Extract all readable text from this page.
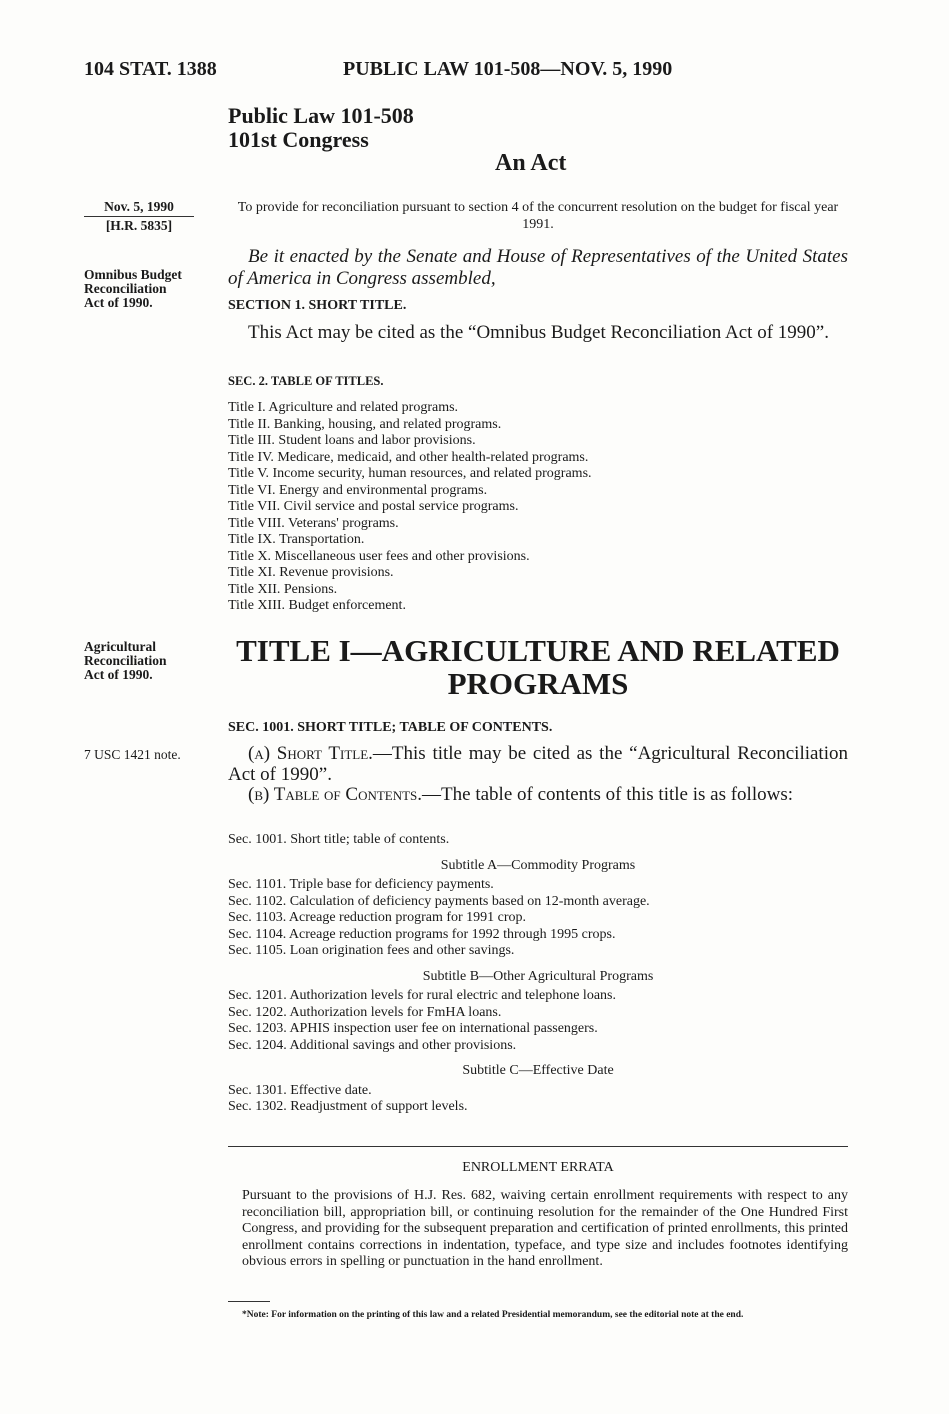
104 STAT. 1388	PUBLIC LAW 101-508—NOV. 5, 1990
Public Law 101-508
101st Congress
An Act
Nov. 5, 1990
[H.R. 5835]
To provide for reconciliation pursuant to section 4 of the concurrent resolution on the budget for fiscal year 1991.
Omnibus Budget
Reconciliation
Act of 1990.
Be it enacted by the Senate and House of Representatives of the United States of America in Congress assembled,
SECTION 1. SHORT TITLE.
This Act may be cited as the “Omnibus Budget Reconciliation Act of 1990”.
SEC. 2. TABLE OF TITLES.
Title I. Agriculture and related programs.
Title II. Banking, housing, and related programs.
Title III. Student loans and labor provisions.
Title IV. Medicare, medicaid, and other health-related programs.
Title V. Income security, human resources, and related programs.
Title VI. Energy and environmental programs.
Title VII. Civil service and postal service programs.
Title VIII. Veterans' programs.
Title IX. Transportation.
Title X. Miscellaneous user fees and other provisions.
Title XI. Revenue provisions.
Title XII. Pensions.
Title XIII. Budget enforcement.
Agricultural
Reconciliation
Act of 1990.
TITLE I—AGRICULTURE AND RELATED
PROGRAMS
SEC. 1001. SHORT TITLE; TABLE OF CONTENTS.
7 USC 1421 note.	(a) Short Title.—This title may be cited as the “Agricultural Reconciliation Act of 1990”.
(b) Table of Contents.—The table of contents of this title is as follows:
Sec. 1001. Short title; table of contents.
Subtitle A—Commodity Programs
Sec. 1101. Triple base for deficiency payments.
Sec. 1102. Calculation of deficiency payments based on 12-month average.
Sec. 1103. Acreage reduction program for 1991 crop.
Sec. 1104. Acreage reduction programs for 1992 through 1995 crops.
Sec. 1105. Loan origination fees and other savings.
Subtitle B—Other Agricultural Programs
Sec. 1201. Authorization levels for rural electric and telephone loans.
Sec. 1202. Authorization levels for FmHA loans.
Sec. 1203. APHIS inspection user fee on international passengers.
Sec. 1204. Additional savings and other provisions.
Subtitle C—Effective Date
Sec. 1301. Effective date.
Sec. 1302. Readjustment of support levels.
ENROLLMENT ERRATA
Pursuant to the provisions of H.J. Res. 682, waiving certain enrollment requirements with respect to any reconciliation bill, appropriation bill, or continuing resolution for the remainder of the One Hundred First Congress, and providing for the subsequent preparation and certification of printed enrollments, this printed enrollment contains corrections in indentation, typeface, and type size and includes footnotes identifying obvious errors in spelling or punctuation in the hand enrollment.
*Note: For information on the printing of this law and a related Presidential memorandum, see the editorial note at the end.
